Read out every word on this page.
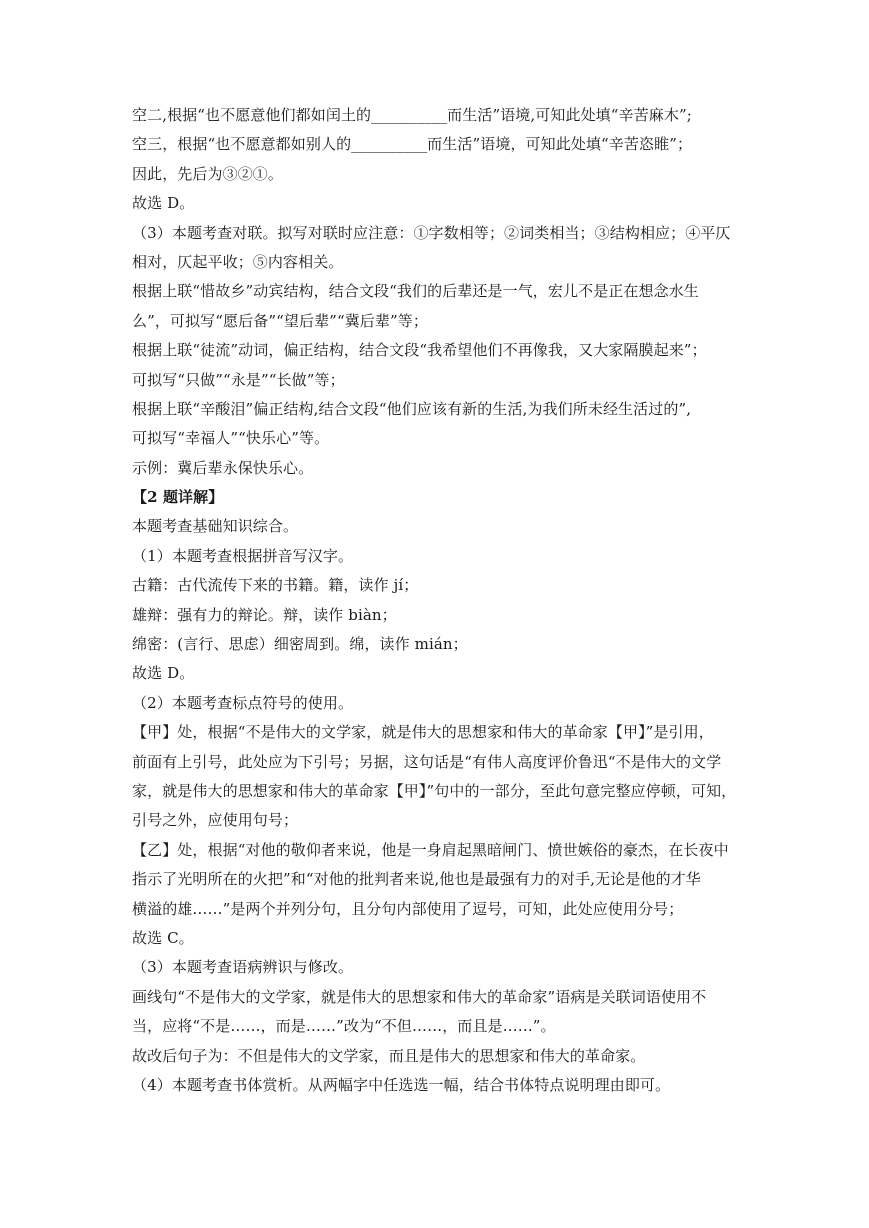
空二,根据“也不愿意他们都如闰土的__________而生活”语境,可知此处填“辛苦麻木”;
空三，根据“也不愿意都如别人的__________而生活”语境，可知此处填“辛苦恣睢”；
因此，先后为③②①。
故选 D。
（3）本题考查对联。拟写对联时应注意：①字数相等；②词类相当；③结构相应；④平仄
相对，仄起平收；⑤内容相关。
根据上联“惜故乡”动宾结构，结合文段“我们的后辈还是一气，宏儿不是正在想念水生
么”，可拟写“愿后备”“望后辈”“冀后辈”等；
根据上联“徒流”动词，偏正结构，结合文段“我希望他们不再像我，又大家隔膜起来”；
可拟写“只做”“永是”“长做”等；
根据上联“辛酸泪”偏正结构,结合文段“他们应该有新的生活,为我们所未经生活过的”,
可拟写“幸福人”“快乐心”等。
示例：冀后辈永保快乐心。
【2 题详解】
本题考查基础知识综合。
（1）本题考查根据拼音写汉字。
古籍：古代流传下来的书籍。籍，读作 jí；
雄辩：强有力的辩论。辩，读作 biàn；
绵密：(言行、思虑）细密周到。绵，读作 mián；
故选 D。
（2）本题考查标点符号的使用。
【甲】处，根据“不是伟大的文学家，就是伟大的思想家和伟大的革命家【甲】”是引用，
前面有上引号，此处应为下引号；另据，这句话是“有伟人高度评价鲁迅“不是伟大的文学
家，就是伟大的思想家和伟大的革命家【甲】”句中的一部分，至此句意完整应停顿，可知，
引号之外，应使用句号；
【乙】处，根据“对他的敬仰者来说，他是一身肩起黑暗闸门、愤世嫉俗的豪杰，在长夜中
指示了光明所在的火把”和“对他的批判者来说,他也是最强有力的对手,无论是他的才华
横溢的雄……”是两个并列分句，且分句内部使用了逗号，可知，此处应使用分号；
故选 C。
（3）本题考查语病辨识与修改。
画线句“不是伟大的文学家，就是伟大的思想家和伟大的革命家”语病是关联词语使用不
当，应将“不是……，而是……”改为“不但……，而且是……”。
故改后句子为：不但是伟大的文学家，而且是伟大的思想家和伟大的革命家。
（4）本题考查书体赏析。从两幅字中任选选一幅，结合书体特点说明理由即可。
